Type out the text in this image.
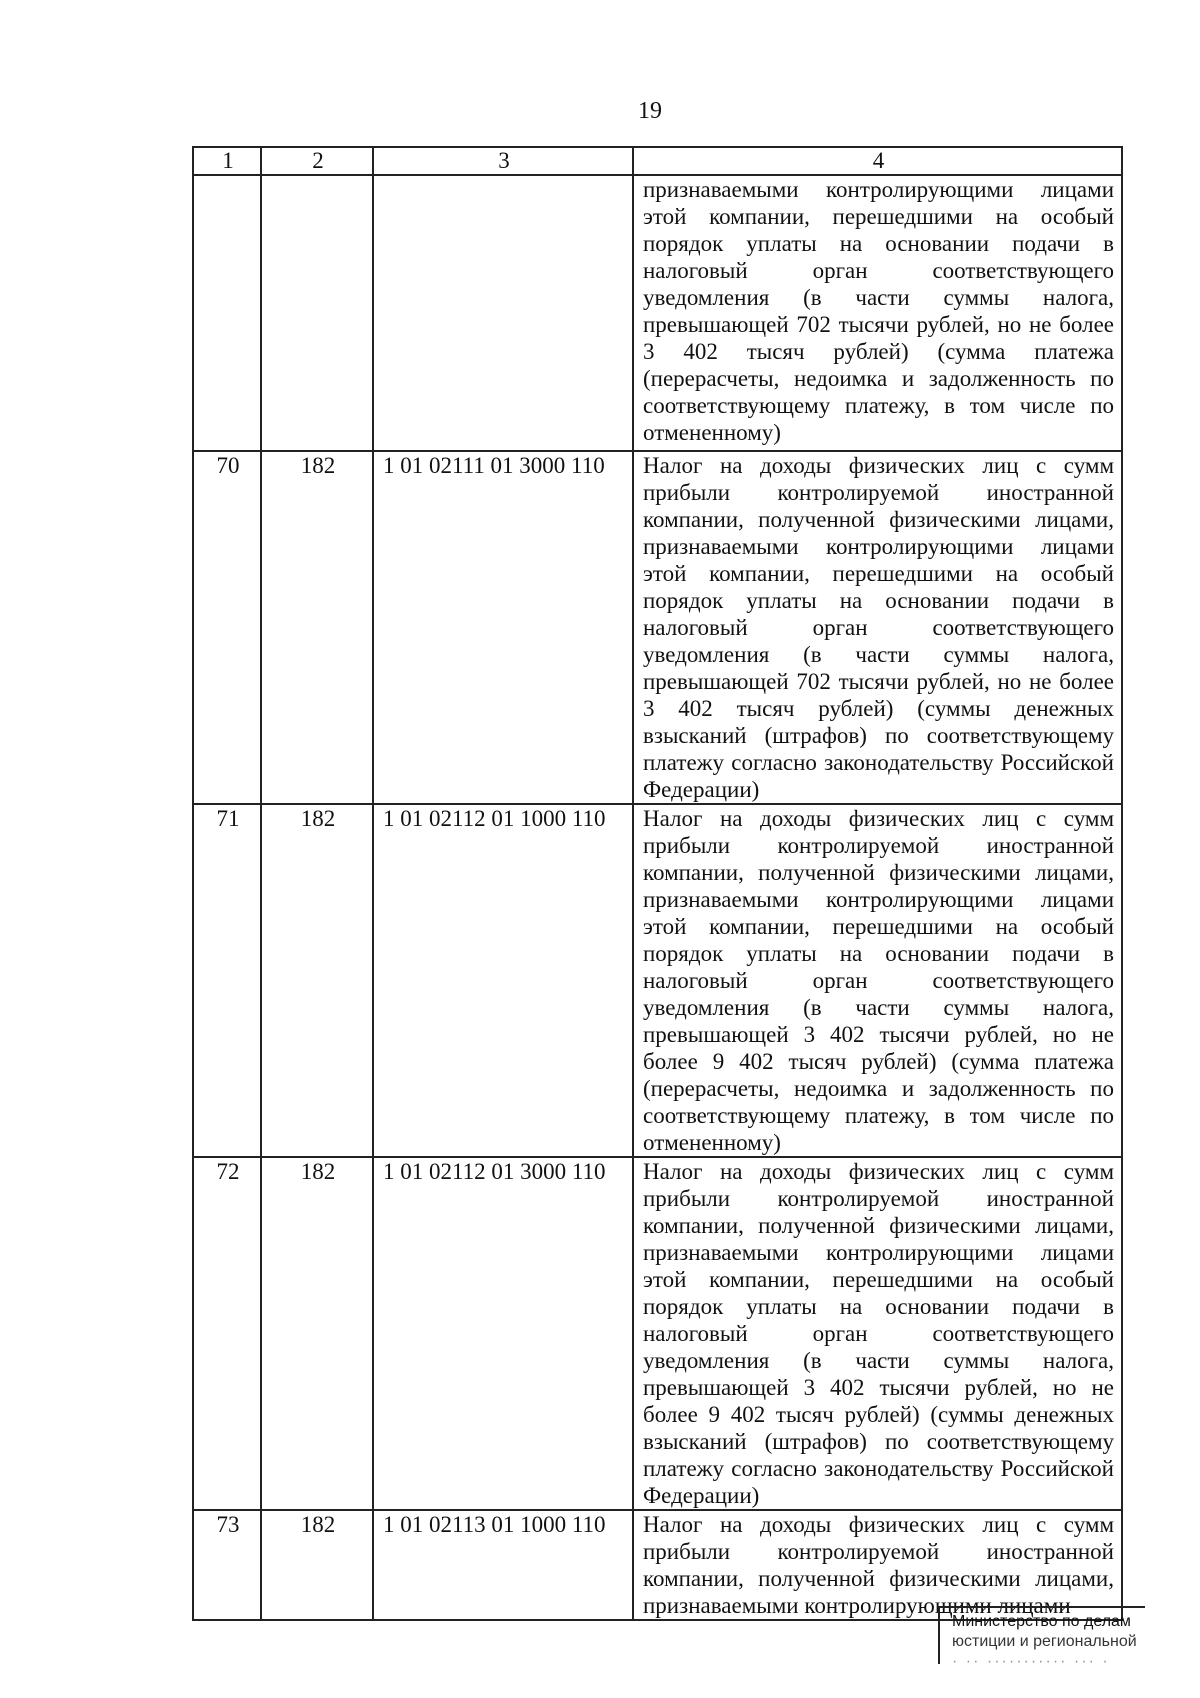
19
1	2	3	4
			признаваемыми контролирующими лицами этой компании, перешедшими на особый порядок уплаты на основании подачи в налоговый орган соответствующего уведомления (в части суммы налога, превышающей 702 тысячи рублей, но не более 3 402 тысяч рублей) (сумма платежа (перерасчеты, недоимка и задолженность по соответствующему платежу, в том числе по отмененному)
70	182	1 01 02111 01 3000 110	Налог на доходы физических лиц с сумм прибыли контролируемой иностранной компании, полученной физическими лицами, признаваемыми контролирующими лицами этой компании, перешедшими на особый порядок уплаты на основании подачи в налоговый орган соответствующего уведомления (в части суммы налога, превышающей 702 тысячи рублей, но не более 3 402 тысяч рублей) (суммы денежных взысканий (штрафов) по соответствующему платежу согласно законодательству Российской Федерации)
71	182	1 01 02112 01 1000 110	Налог на доходы физических лиц с сумм прибыли контролируемой иностранной компании, полученной физическими лицами, признаваемыми контролирующими лицами этой компании, перешедшими на особый порядок уплаты на основании подачи в налоговый орган соответствующего уведомления (в части суммы налога, превышающей 3 402 тысячи рублей, но не более 9 402 тысяч рублей) (сумма платежа (перерасчеты, недоимка и задолженность по соответствующему платежу, в том числе по отмененному)
72	182	1 01 02112 01 3000 110	Налог на доходы физических лиц с сумм прибыли контролируемой иностранной компании, полученной физическими лицами, признаваемыми контролирующими лицами этой компании, перешедшими на особый порядок уплаты на основании подачи в налоговый орган соответствующего уведомления (в части суммы налога, превышающей 3 402 тысячи рублей, но не более 9 402 тысяч рублей) (суммы денежных взысканий (штрафов) по соответствующему платежу согласно законодательству Российской Федерации)
73	182	1 01 02113 01 1000 110	Налог на доходы физических лиц с сумм прибыли контролируемой иностранной компании, полученной физическими лицами, признаваемыми контролирующими лицами
Министерство по делам
юстиции и региональной
· ·· ··········· ··· ·
